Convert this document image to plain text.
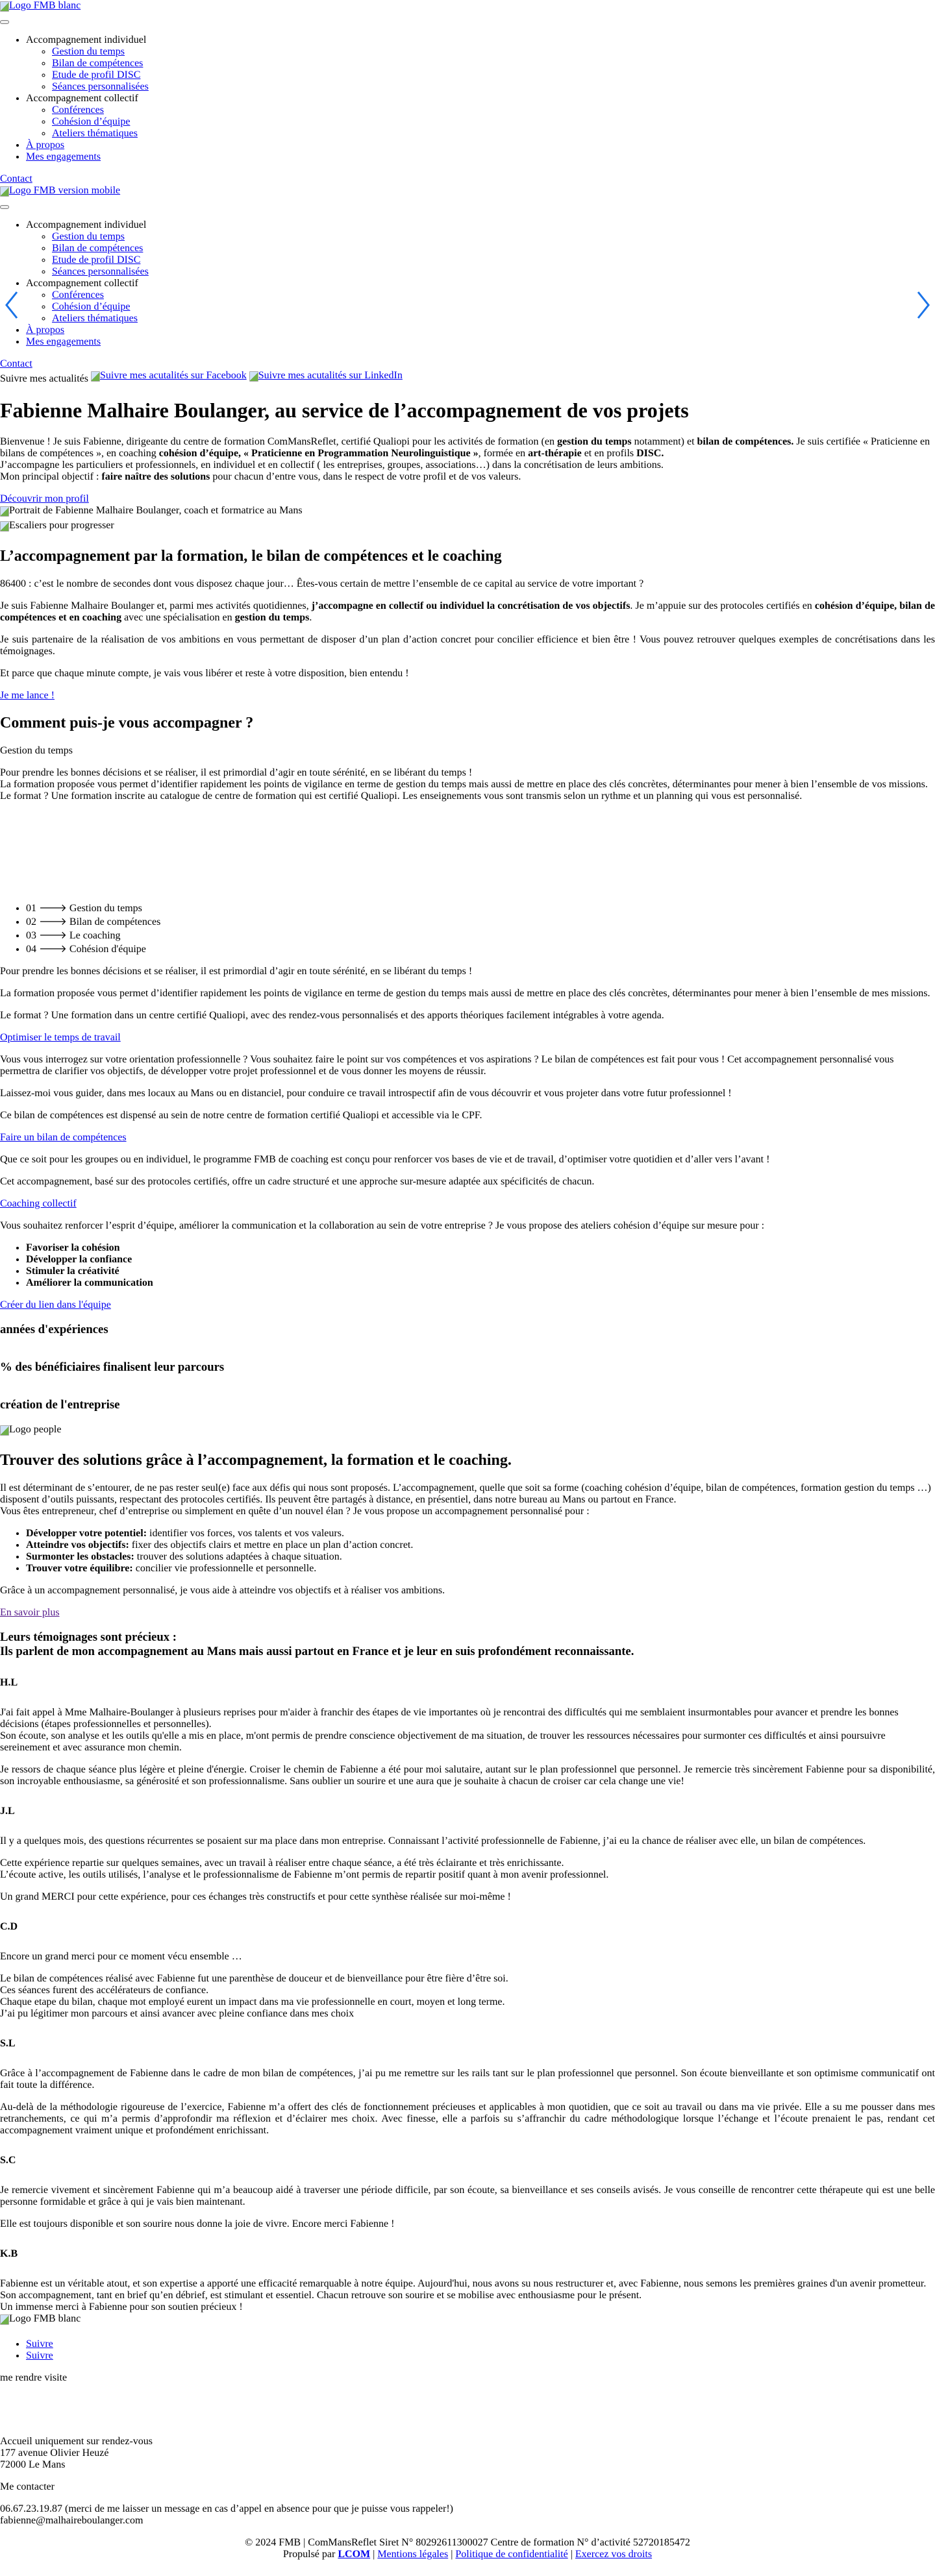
Logo FMB blanc
• Accompagnement individuel
◦ Gestion du temps
◦ Bilan de compétences
◦ Etude de profil DISC
◦ Séances personnalisées
• Accompagnement collectif
◦ Conférences
◦ Cohésion d’équipe
◦ Ateliers thématiques
• À propos
• Mes engagements
Contact

Logo FMB version mobile
• Accompagnement individuel
◦ Gestion du temps
◦ Bilan de compétences
◦ Etude de profil DISC
◦ Séances personnalisées
• Accompagnement collectif
◦ Conférences
◦ Cohésion d’équipe
◦ Ateliers thématiques
• À propos
• Mes engagements
Contact
Suivre mes actualités Suivre mes acutalités sur Facebook
Suivre mes acutalités sur LinkedIn
Fabienne Malhaire Boulanger, au service de l’accompagnement de vos projets

Bienvenue ! Je suis Fabienne, dirigeante du centre de formation ComMansReflet, certifié Qualiopi pour les activités de formation (en gestion du temps notamment) et bilan de compétences. Je suis certifiée « Praticienne en bilans de compétences », en coaching cohésion d’équipe, « Praticienne en Programmation Neurolinguistique », formée en art-thérapie et en profils DISC.
J’accompagne les particuliers et professionnels, en individuel et en collectif ( les entreprises, groupes, associations…) dans la concrétisation de leurs ambitions.
Mon principal objectif : faire naître des solutions pour chacun d’entre vous, dans le respect de votre profil et de vos valeurs.

Découvrir mon profil

Portrait de Fabienne Malhaire Boulanger, coach et formatrice au Mans

Escaliers pour progresser
L’accompagnement par la formation, le bilan de compétences et le coaching

86400 : c’est le nombre de secondes dont vous disposez chaque jour… Êtes-vous certain de mettre l’ensemble de ce capital au service de votre important ?

Je suis Fabienne Malhaire Boulanger et, parmi mes activités quotidiennes, j’accompagne en collectif ou individuel la concrétisation de vos objectifs. Je m’appuie sur des protocoles certifiés en cohésion d’équipe, bilan de compétences et en coaching avec une spécialisation en gestion du temps.

Je suis partenaire de la réalisation de vos ambitions en vous permettant de disposer d’un plan d’action concret pour concilier efficience et bien être ! Vous pouvez retrouver quelques exemples de concrétisations dans les témoignages.

Et parce que chaque minute compte, je vais vous libérer et reste à votre disposition, bien entendu !

Je me lance !

Comment puis-je vous accompagner ?

Gestion du temps

Pour prendre les bonnes décisions et se réaliser, il est primordial d’agir en toute sérénité, en se libérant du temps !
La formation proposée vous permet d’identifier rapidement les points de vigilance en terme de gestion du temps mais aussi de mettre en place des clés concrètes, déterminantes pour mener à bien l’ensemble de vos missions.
Le format ? Une formation inscrite au catalogue de centre de formation qui est certifié Qualiopi. Les enseignements vous sont transmis selon un rythme et un planning qui vous est personnalisé.

• 01 🡒 Gestion du temps
• 02 🡒 Bilan de compétences
• 03 🡒 Le coaching
• 04 🡒 Cohésion d'équipe

Pour prendre les bonnes décisions et se réaliser, il est primordial d’agir en toute sérénité, en se libérant du temps !

La formation proposée vous permet d’identifier rapidement les points de vigilance en terme de gestion du temps mais aussi de mettre en place des clés concrètes, déterminantes pour mener à bien l’ensemble de mes missions.

Le format ? Une formation dans un centre certifié Qualiopi, avec des rendez-vous personnalisés et des apports théoriques facilement intégrables à votre agenda.

Optimiser le temps de travail

Vous vous interrogez sur votre orientation professionnelle ? Vous souhaitez faire le point sur vos compétences et vos aspirations ? Le bilan de compétences est fait pour vous ! Cet accompagnement personnalisé vous permettra de clarifier vos objectifs, de développer votre projet professionnel et de vous donner les moyens de réussir.

Laissez-moi vous guider, dans mes locaux au Mans ou en distanciel, pour conduire ce travail introspectif afin de vous découvrir et vous projeter dans votre futur professionnel !

Ce bilan de compétences est dispensé au sein de notre centre de formation certifié Qualiopi et accessible via le CPF.

Faire un bilan de compétences

Que ce soit pour les groupes ou en individuel, le programme FMB de coaching est conçu pour renforcer vos bases de vie et de travail, d’optimiser votre quotidien et d’aller vers l’avant !

Cet accompagnement, basé sur des protocoles certifiés, offre un cadre structuré et une approche sur-mesure adaptée aux spécificités de chacun.

Coaching collectif

Vous souhaitez renforcer l’esprit d’équipe, améliorer la communication et la collaboration au sein de votre entreprise ? Je vous propose des ateliers cohésion d’équipe sur mesure pour :

• Favoriser la cohésion
• Développer la confiance
• Stimuler la créativité
• Améliorer la communication

Créer du lien dans l'équipe

années d'expériences
% des bénéficiaires finalisent leur parcours
création de l'entreprise

Logo people

Trouver des solutions grâce à l’accompagnement, la formation et le coaching.

Il est déterminant de s’entourer, de ne pas rester seul(e) face aux défis qui nous sont proposés. L’accompagnement, quelle que soit sa forme (coaching cohésion d’équipe, bilan de compétences, formation gestion du temps …) disposent d’outils puissants, respectant des protocoles certifiés. Ils peuvent être partagés à distance, en présentiel, dans notre bureau au Mans ou partout en France.
Vous êtes entrepreneur, chef d’entreprise ou simplement en quête d’un nouvel élan ? Je vous propose un accompagnement personnalisé pour :

• Développer votre potentiel: identifier vos forces, vos talents et vos valeurs.
• Atteindre vos objectifs: fixer des objectifs clairs et mettre en place un plan d’action concret.
• Surmonter les obstacles: trouver des solutions adaptées à chaque situation.
• Trouver votre équilibre: concilier vie professionnelle et personnelle.

Grâce à un accompagnement personnalisé, je vous aide à atteindre vos objectifs et à réaliser vos ambitions.

En savoir plus

Leurs témoignages sont précieux :
Ils parlent de mon accompagnement au Mans mais aussi partout en France et je leur en suis profondément reconnaissante.

H.L

J'ai fait appel à Mme Malhaire-Boulanger à plusieurs reprises pour m'aider à franchir des étapes de vie importantes où je rencontrai des difficultés qui me semblaient insurmontables pour avancer et prendre les bonnes décisions (étapes professionnelles et personnelles).
Son écoute, son analyse et les outils qu'elle a mis en place, m'ont permis de prendre conscience objectivement de ma situation, de trouver les ressources nécessaires pour surmonter ces difficultés et ainsi poursuivre sereinement et avec assurance mon chemin.

Je ressors de chaque séance plus légère et pleine d'énergie. Croiser le chemin de Fabienne a été pour moi salutaire, autant sur le plan professionnel que personnel. Je remercie très sincèrement Fabienne pour sa disponibilité, son incroyable enthousiasme, sa générosité et son professionnalisme. Sans oublier un sourire et une aura que je souhaite à chacun de croiser car cela change une vie!

J.L

Il y a quelques mois, des questions récurrentes se posaient sur ma place dans mon entreprise. Connaissant l’activité professionnelle de Fabienne, j’ai eu la chance de réaliser avec elle, un bilan de compétences.

Cette expérience repartie sur quelques semaines, avec un travail à réaliser entre chaque séance, a été très éclairante et très enrichissante.
L’écoute active, les outils utilisés, l’analyse et le professionnalisme de Fabienne m’ont permis de repartir positif quant à mon avenir professionnel.

Un grand MERCI pour cette expérience, pour ces échanges très constructifs et pour cette synthèse réalisée sur moi-même !

C.D

Encore un grand merci pour ce moment vécu ensemble …

Le bilan de compétences réalisé avec Fabienne fut une parenthèse de douceur et de bienveillance pour être fière d’être soi.
Ces séances furent des accélérateurs de confiance.
Chaque etape du bilan, chaque mot employé eurent un impact dans ma vie professionnelle en court, moyen et long terme.
J’ai pu légitimer mon parcours et ainsi avancer avec pleine confiance dans mes choix

S.L

Grâce à l’accompagnement de Fabienne dans le cadre de mon bilan de compétences, j’ai pu me remettre sur les rails tant sur le plan professionnel que personnel. Son écoute bienveillante et son optimisme communicatif ont fait toute la différence.

Au-delà de la méthodologie rigoureuse de l’exercice, Fabienne m’a offert des clés de fonctionnement précieuses et applicables à mon quotidien, que ce soit au travail ou dans ma vie privée. Elle a su me pousser dans mes retranchements, ce qui m’a permis d’approfondir ma réflexion et d’éclairer mes choix. Avec finesse, elle a parfois su s’affranchir du cadre méthodologique lorsque l’échange et l’écoute prenaient le pas, rendant cet accompagnement vraiment unique et profondément enrichissant.

S.C

Je remercie vivement et sincèrement Fabienne qui m’a beaucoup aidé à traverser une période difficile, par son écoute, sa bienveillance et ses conseils avisés. Je vous conseille de rencontrer cette thérapeute qui est une belle personne formidable et grâce à qui je vais bien maintenant.

Elle est toujours disponible et son sourire nous donne la joie de vivre. Encore merci Fabienne !

K.B

Fabienne est un véritable atout, et son expertise a apporté une efficacité remarquable à notre équipe. Aujourd'hui, nous avons su nous restructurer et, avec Fabienne, nous semons les premières graines d'un avenir prometteur.
Son accompagnement, tant en brief qu’en débrief, est stimulant et essentiel. Chacun retrouve son sourire et se mobilise avec enthousiasme pour le présent.
Un immense merci à Fabienne pour son soutien précieux !

Logo FMB blanc
• Suivre
• Suivre

me rendre visite

Accueil uniquement sur rendez-vous
177 avenue Olivier Heuzé
72000 Le Mans

Me contacter

06.67.23.19.87 (merci de me laisser un message en cas d’appel en absence pour que je puisse vous rappeler!)
fabienne@malhaireboulanger.com

© 2024 FMB | ComMansReflet Siret N° 80292611300027 Centre de formation N° d’activité 52720185472
Propulsé par LCOM | Mentions légales | Politique de confidentialité | Exercez vos droits
